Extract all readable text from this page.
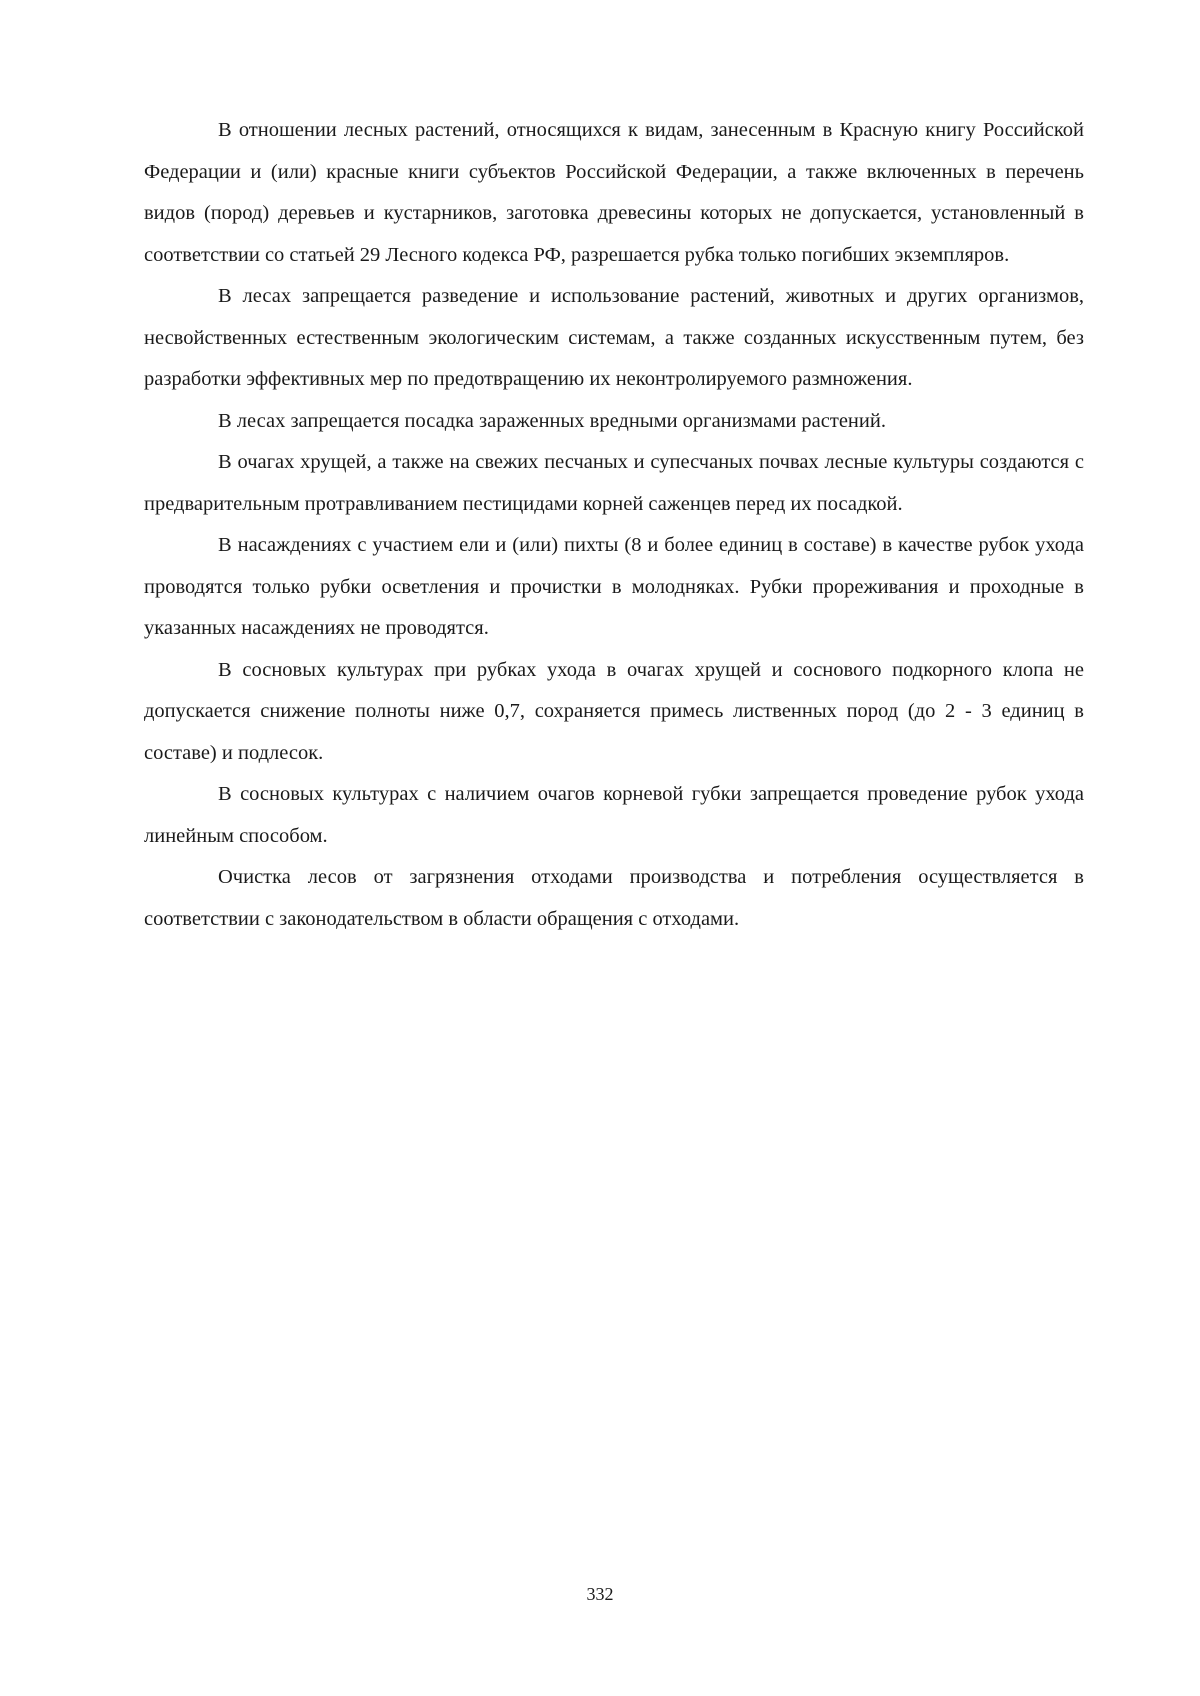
В отношении лесных растений, относящихся к видам, занесенным в Красную книгу Российской Федерации и (или) красные книги субъектов Российской Федерации, а также включенных в перечень видов (пород) деревьев и кустарников, заготовка древесины которых не допускается, установленный в соответствии со статьей 29 Лесного кодекса РФ, разрешается рубка только погибших экземпляров.

В лесах запрещается разведение и использование растений, животных и других организмов, несвойственных естественным экологическим системам, а также созданных искусственным путем, без разработки эффективных мер по предотвращению их неконтролируемого размножения.

В лесах запрещается посадка зараженных вредными организмами растений.

В очагах хрущей, а также на свежих песчаных и супесчаных почвах лесные культуры создаются с предварительным протравливанием пестицидами корней саженцев перед их посадкой.

В насаждениях с участием ели и (или) пихты (8 и более единиц в составе) в качестве рубок ухода проводятся только рубки осветления и прочистки в молодняках. Рубки прореживания и проходные в указанных насаждениях не проводятся.

В сосновых культурах при рубках ухода в очагах хрущей и соснового подкорного клопа не допускается снижение полноты ниже 0,7, сохраняется примесь лиственных пород (до 2 - 3 единиц в составе) и подлесок.

В сосновых культурах с наличием очагов корневой губки запрещается проведение рубок ухода линейным способом.

Очистка лесов от загрязнения отходами производства и потребления осуществляется в соответствии с законодательством в области обращения с отходами.

332
